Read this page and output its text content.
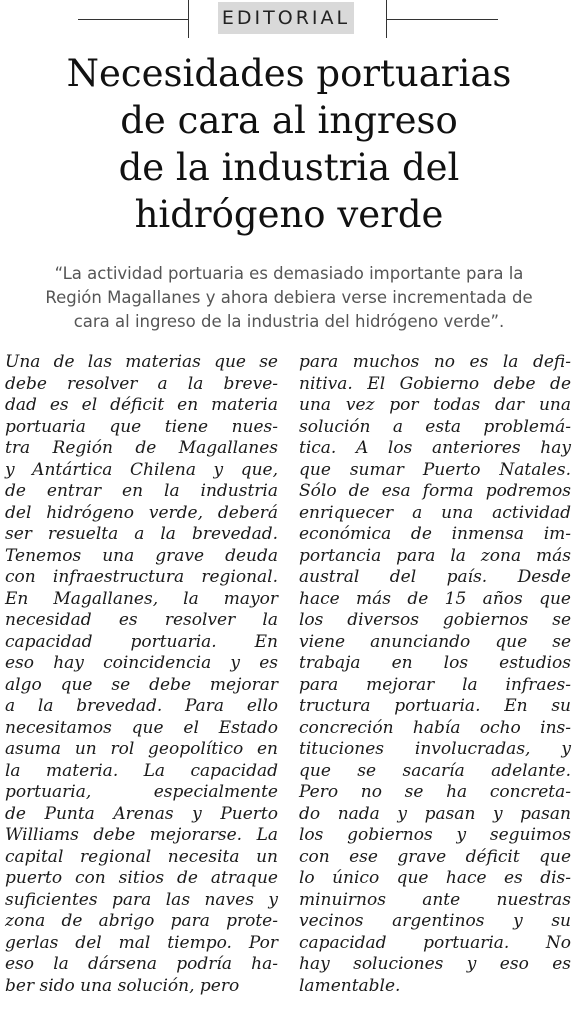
EDITORIAL
Necesidades portuarias
de cara al ingreso
de la industria del
hidrógeno verde

“La actividad portuaria es demasiado importante para la
Región Magallanes y ahora debiera verse incrementada de
cara al ingreso de la industria del hidrógeno verde”.

Una de las materias que se
debe resolver a la breve-
dad es el déficit en materia
portuaria que tiene nues-
tra Región de Magallanes
y Antártica Chilena y que,
de entrar en la industria
del hidrógeno verde, deberá
ser resuelta a la brevedad.
Tenemos una grave deuda
con infraestructura regional.
En Magallanes, la mayor
necesidad es resolver la
capacidad portuaria. En
eso hay coincidencia y es
algo que se debe mejorar
a la brevedad. Para ello
necesitamos que el Estado
asuma un rol geopolítico en
la materia. La capacidad
portuaria, especialmente
de Punta Arenas y Puerto
Williams debe mejorarse. La
capital regional necesita un
puerto con sitios de atraque
suficientes para las naves y
zona de abrigo para prote-
gerlas del mal tiempo. Por
eso la dársena podría ha-
ber sido una solución, pero
para muchos no es la defi-
nitiva. El Gobierno debe de
una vez por todas dar una
solución a esta problemá-
tica. A los anteriores hay
que sumar Puerto Natales.
Sólo de esa forma podremos
enriquecer a una actividad
económica de inmensa im-
portancia para la zona más
austral del país. Desde
hace más de 15 años que
los diversos gobiernos se
viene anunciando que se
trabaja en los estudios
para mejorar la infraes-
tructura portuaria. En su
concreción había ocho ins-
tituciones involucradas, y
que se sacaría adelante.
Pero no se ha concreta-
do nada y pasan y pasan
los gobiernos y seguimos
con ese grave déficit que
lo único que hace es dis-
minuirnos ante nuestras
vecinos argentinos y su
capacidad portuaria. No
hay soluciones y eso es
lamentable.
